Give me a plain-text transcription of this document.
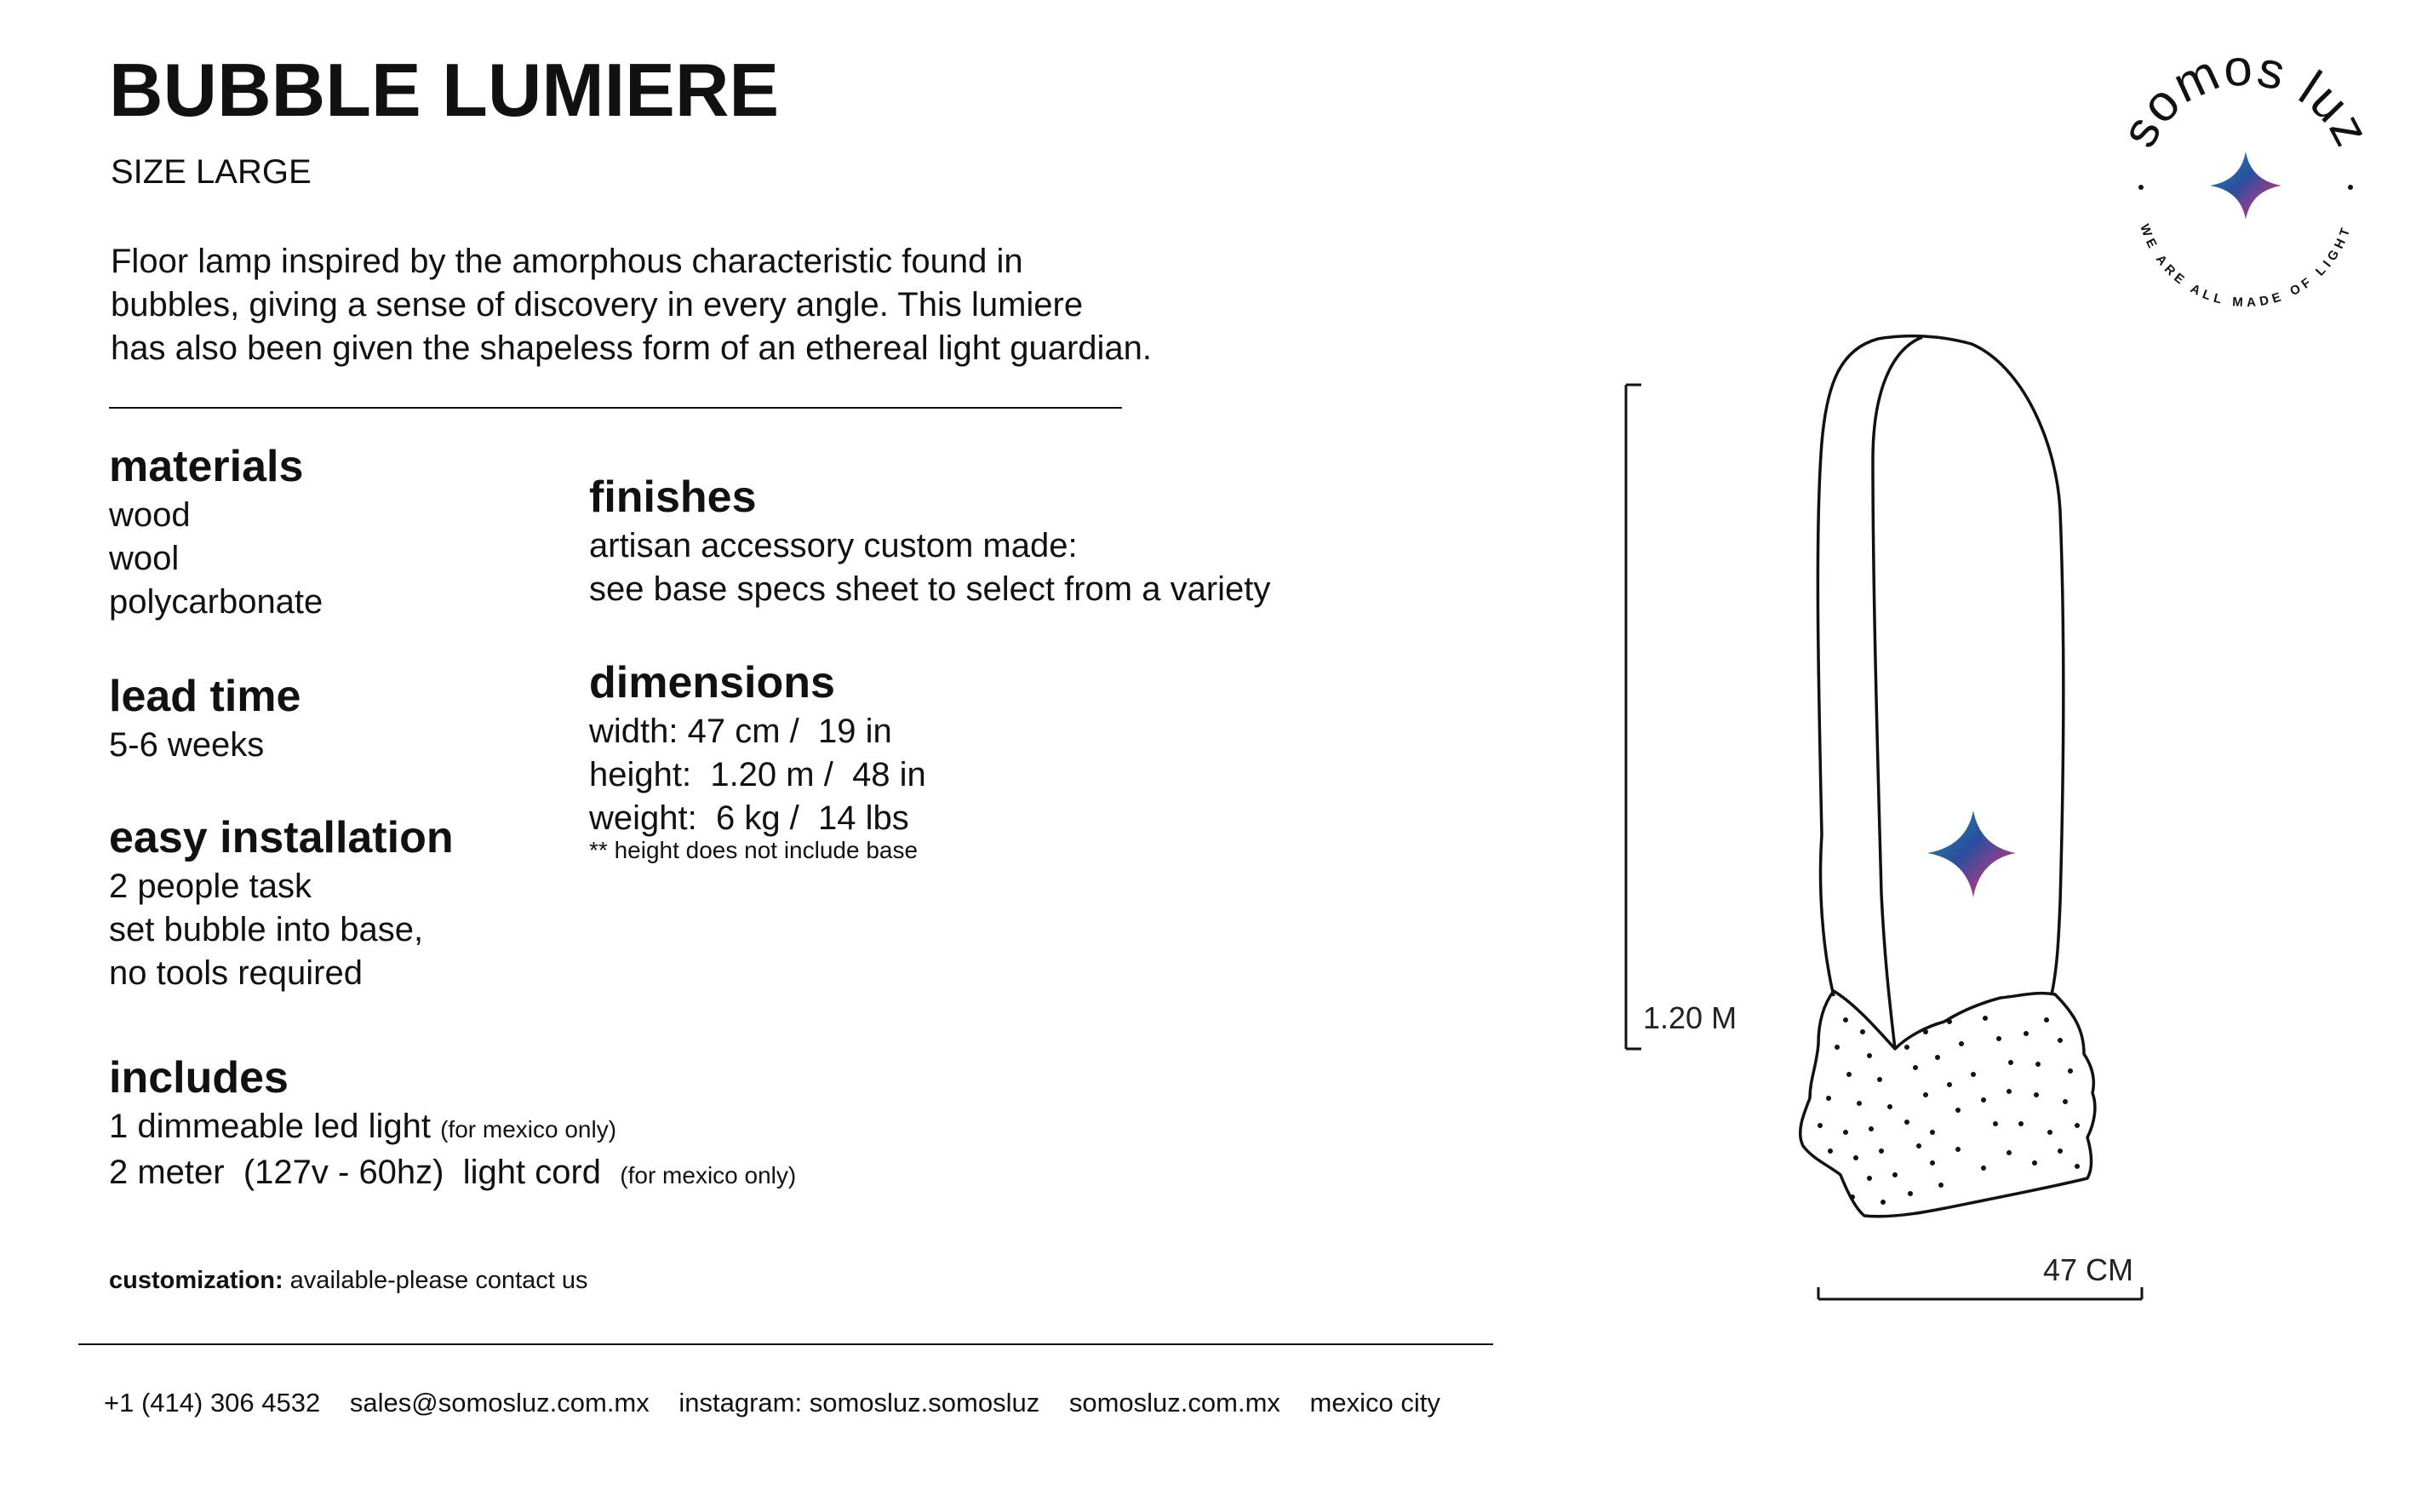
BUBBLE LUMIERE
SIZE LARGE
Floor lamp inspired by the amorphous characteristic found in
bubbles, giving a sense of discovery in every angle. This lumiere
has also been given the shapeless form of an ethereal light guardian.
materials
wood
wool
polycarbonate
lead time
5-6 weeks
easy installation
2 people task
set bubble into base,
no tools required
includes
1 dimmeable led light (for mexico only)
2 meter  (127v - 60hz)  light cord  (for mexico only)
finishes
artisan accessory custom made:
see base specs sheet to select from a variety
dimensions
width: 47 cm /  19 in
height:  1.20 m /  48 in
weight:  6 kg /  14 lbs
** height does not include base
customization: available-please contact us
+1 (414) 306 4532 sales@somosluz.com.mx instagram: somosluz.somosluz somosluz.com.mx mexico city
somos luz
WE ARE ALL MADE OF LIGHT
1.20 M
47 CM
